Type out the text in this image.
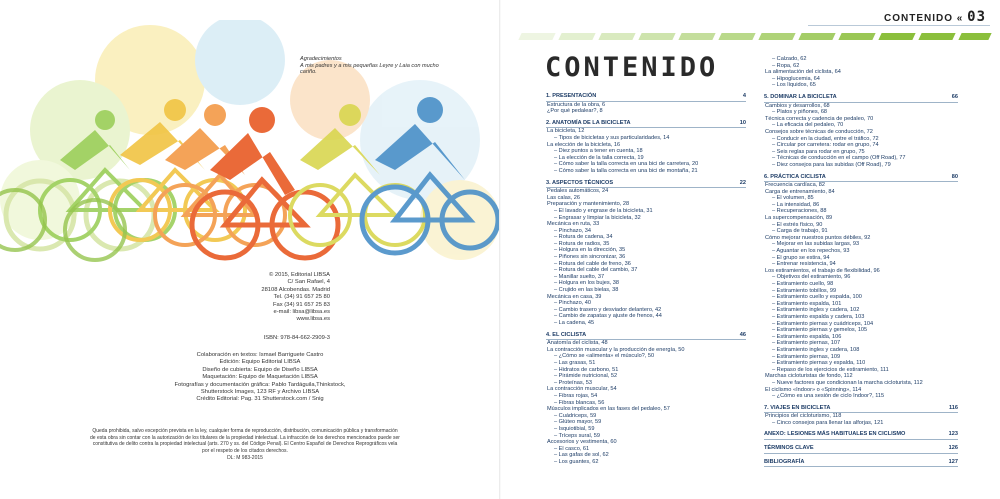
Agradecimientos
A mis padres y a mis pequeñas Leyre y Laia con mucho cariño.
© 2015, Editorial LIBSA
C/ San Rafael, 4
28108 Alcobendas. Madrid
Tel. (34) 91 657 25 80
Fax (34) 91 657 25 83
e-mail: libsa@libsa.es
www.libsa.es
ISBN: 978-84-662-2909-3
Colaboración en textos: Ismael Barriguete Castro
Edición: Equipo Editorial LIBSA
Diseño de cubierta: Equipo de Diseño LIBSA
Maquetación: Equipo de Maquetación LIBSA
Fotografías y documentación gráfica: Pablo Tardáguila,Thinkstock,
Shutterstock Images, 123 RF y Archivo LIBSA
Crédito Editorial: Pag. 31 Shutterstock.com / Snig
Queda prohibida, salvo excepción prevista en la ley, cualquier forma de reproducción, distribución, comunicación pública y transformación de esta obra sin contar con la autorización de los titulares de la propiedad intelectual. La infracción de los derechos mencionados puede ser constitutiva de delito contra la propiedad intelectual (arts. 270 y ss. del Código Penal). El Centro Español de Derechos Reprográficos vela por el respeto de los citados derechos.
DL: M 983-2015
CONTENIDO « 03
CONTENIDO
1. PRESENTACIÓN	4
Estructura de la obra, 6
¿Por qué pedalear?, 8
2. ANATOMÍA DE LA BICICLETA	10
La bicicleta, 12
– Tipos de bicicletas y sus particularidades, 14
La elección de la bicicleta, 16
– Diez puntos a tener en cuenta, 18
– La elección de la talla correcta, 19
– Cómo saber la talla correcta en una bici de carretera, 20
– Cómo saber la talla correcta en una bici de montaña, 21
3. ASPECTOS TÉCNICOS	22
Pedales automáticos, 24
Las calas, 26
Preparación y mantenimiento, 28
– El lavado y engrase de la bicicleta, 31
– Engrasar y limpiar la bicicleta, 32
Mecánica en ruta, 33
– Pinchazo, 34
– Rotura de cadena, 34
– Rotura de radios, 35
– Holgura en la dirección, 35
– Piñones sin sincronizar, 36
– Rotura del cable de freno, 36
– Rotura del cable del cambio, 37
– Manillar suelto, 37
– Holgura en los bujes, 38
– Crujido en las bielas, 38
Mecánica en casa, 39
– Pinchazo, 40
– Cambio trasero y desviador delantero, 42
– Cambio de zapatas y ajuste de frenos, 44
– La cadena, 45
4. EL CICLISTA	46
Anatomía del ciclista, 48
La contracción muscular y la producción de energía, 50
– ¿Cómo se «alimenta» el músculo?, 50
– Las grasas, 51
– Hidratos de carbono, 51
– Pirámide nutricional, 52
– Proteínas, 53
La contracción muscular, 54
– Fibras rojas, 54
– Fibras blancas, 56
Músculos implicados en las fases del pedaleo, 57
– Cuádriceps, 59
– Glúteo mayor, 59
– Isquiotibial, 59
– Tríceps sural, 59
Accesorios y vestimenta, 60
– El casco, 61
– Las gafas de sol, 62
– Los guantes, 62
– Calzado, 62
– Ropa, 62
La alimentación del ciclista, 64
– Hipoglucemia, 64
– Los líquidos, 65
5. DOMINAR LA BICICLETA	66
Cambios y desarrollos, 68
– Platos y piñones, 68
Técnica correcta y cadencia de pedaleo, 70
– La eficacia del pedaleo, 70
Consejos sobre técnicas de conducción, 72
– Conducir en la ciudad, entre el tráfico, 72
– Circular por carretera: rodar en grupo, 74
– Seis reglas para rodar en grupo, 75
– Técnicas de conducción en el campo (Off Road), 77
– Diez consejos para las subidas (Off Road), 79
6. PRÁCTICA CICLISTA	80
Frecuencia cardíaca, 82
Carga de entrenamiento, 84
– El volumen, 85
– La intensidad, 86
– Recuperaciones, 88
La supercompensación, 89
– El estrés físico, 90
– Carga de trabajo, 91
Cómo mejorar nuestros puntos débiles, 92
– Mejorar en las subidas largas, 93
– Aguantar en los repechos, 93
– El grupo se estira, 94
– Entrenar resistencia, 94
Los estiramientos, el trabajo de flexibilidad, 96
– Objetivos del estiramiento, 96
– Estiramiento cuello, 98
– Estiramiento tobillos, 99
– Estiramiento cuello y espalda, 100
– Estiramiento espalda, 101
– Estiramiento ingles y cadera, 102
– Estiramiento espalda y cadera, 103
– Estiramiento piernas y cuádriceps, 104
– Estiramiento piernas y gemelos, 105
– Estiramiento espalda, 106
– Estiramiento piernas, 107
– Estiramiento ingles y cadera, 108
– Estiramiento piernas, 109
– Estiramiento piernas y espalda, 110
– Repaso de los ejercicios de estiramiento, 111
Marchas cicloturistas de fondo, 112
– Nueve factores que condicionan la marcha cicloturista, 112
El ciclismo «Indoor» o «Spinning», 114
– ¿Cómo es una sesión de ciclo Indoor?, 115
7. VIAJES EN BICICLETA	116
Principios del cicloturismo, 118
– Cinco consejos para llenar las alforjas, 121
ANEXO: LESIONES MÁS HABITUALES EN CICLISMO	123
TÉRMINOS CLAVE	126
BIBLIOGRAFÍA	127
